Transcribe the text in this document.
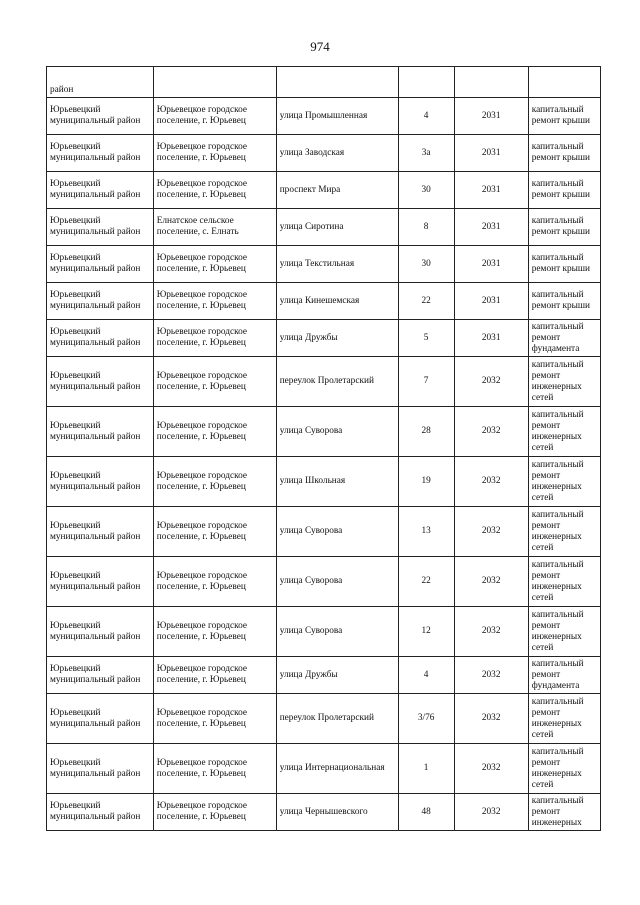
974
район					

Юрьевецкий муниципальный район	Юрьевецкое городское поселение, г. Юрьевец	улица Промышленная	4	2031	капитальный ремонт крыши

Юрьевецкий муниципальный район	Юрьевецкое городское поселение, г. Юрьевец	улица Заводская	3а	2031	капитальный ремонт крыши

Юрьевецкий муниципальный район	Юрьевецкое городское поселение, г. Юрьевец	проспект Мира	30	2031	капитальный ремонт крыши

Юрьевецкий муниципальный район	Елнатское сельское поселение, с. Елнать	улица Сиротина	8	2031	капитальный ремонт крыши

Юрьевецкий муниципальный район	Юрьевецкое городское поселение, г. Юрьевец	улица Текстильная	30	2031	капитальный ремонт крыши

Юрьевецкий муниципальный район	Юрьевецкое городское поселение, г. Юрьевец	улица Кинешемская	22	2031	капитальный ремонт крыши

Юрьевецкий муниципальный район	Юрьевецкое городское поселение, г. Юрьевец	улица Дружбы	5	2031	капитальный ремонт фундамента

Юрьевецкий муниципальный район	Юрьевецкое городское поселение, г. Юрьевец	переулок Пролетарский	7	2032	капитальный ремонт инженерных сетей

Юрьевецкий муниципальный район	Юрьевецкое городское поселение, г. Юрьевец	улица Суворова	28	2032	капитальный ремонт инженерных сетей

Юрьевецкий муниципальный район	Юрьевецкое городское поселение, г. Юрьевец	улица Школьная	19	2032	капитальный ремонт инженерных сетей

Юрьевецкий муниципальный район	Юрьевецкое городское поселение, г. Юрьевец	улица Суворова	13	2032	капитальный ремонт инженерных сетей

Юрьевецкий муниципальный район	Юрьевецкое городское поселение, г. Юрьевец	улица Суворова	22	2032	капитальный ремонт инженерных сетей

Юрьевецкий муниципальный район	Юрьевецкое городское поселение, г. Юрьевец	улица Суворова	12	2032	капитальный ремонт инженерных сетей

Юрьевецкий муниципальный район	Юрьевецкое городское поселение, г. Юрьевец	улица Дружбы	4	2032	капитальный ремонт фундамента

Юрьевецкий муниципальный район	Юрьевецкое городское поселение, г. Юрьевец	переулок Пролетарский	3/76	2032	капитальный ремонт инженерных сетей

Юрьевецкий муниципальный район	Юрьевецкое городское поселение, г. Юрьевец	улица Интернациональная	1	2032	капитальный ремонт инженерных сетей

Юрьевецкий муниципальный район	Юрьевецкое городское поселение, г. Юрьевец	улица Чернышевского	48	2032	капитальный ремонт инженерных
